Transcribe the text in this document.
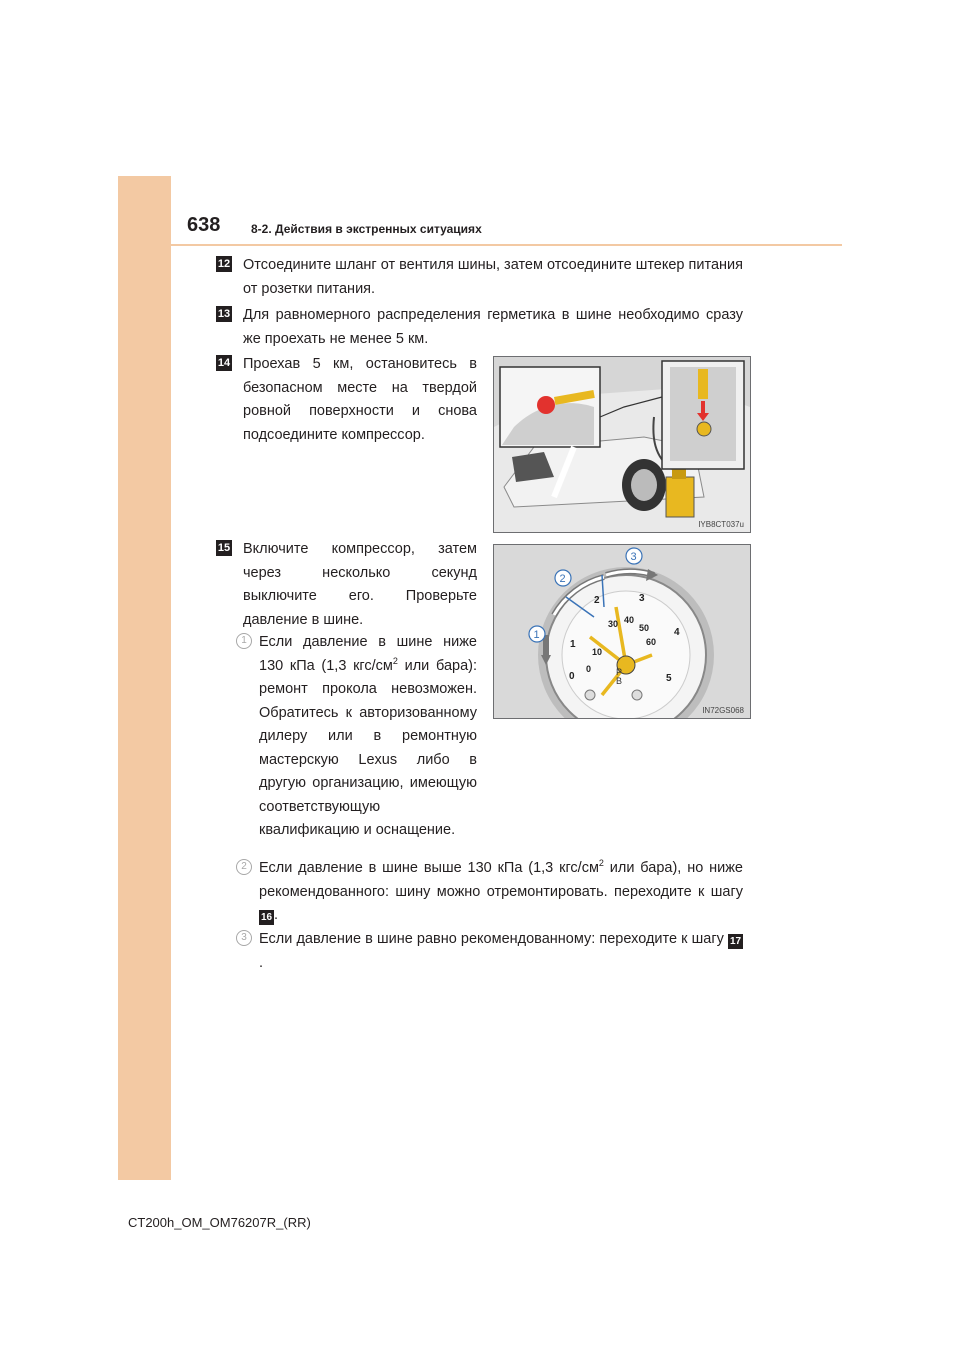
638	8-2. Действия в экстренных ситуациях
12 Отсоедините шланг от вентиля шины, затем отсоедините штекер питания от розетки питания.
13 Для равномерного распределения герметика в шине необходимо сразу же проехать не менее 5 км.
14 Проехав 5 км, остановитесь в безопасном месте на твердой ровной поверхности и снова подсоедините компрессор.
IYB8CT037u
15 Включите компрессор, затем через несколько секунд выключите его. Проверьте давление в шине.
0
1
2	3
4
5
0
10
30 40
50
60
P
B
1
2
3
IN72GS068
1 Если давление в шине ниже 130 кПа (1,3 кгс/$см^2$ или бара): ремонт прокола невозможен. Обратитесь к авторизованному дилеру или в ремонтную мастерскую Lexus либо в другую организацию, имеющую соответствующую квалификацию и оснащение.
2 Если давление в шине выше 130 кПа (1,3 кгс/$см^2$ или бара), но ниже рекомендованного: шину можно отремонтировать. переходите к шагу 16 .
3 Если давление в шине равно рекомендованному: переходите к шагу 17.
CT200h_OM_OM76207R_(RR)
